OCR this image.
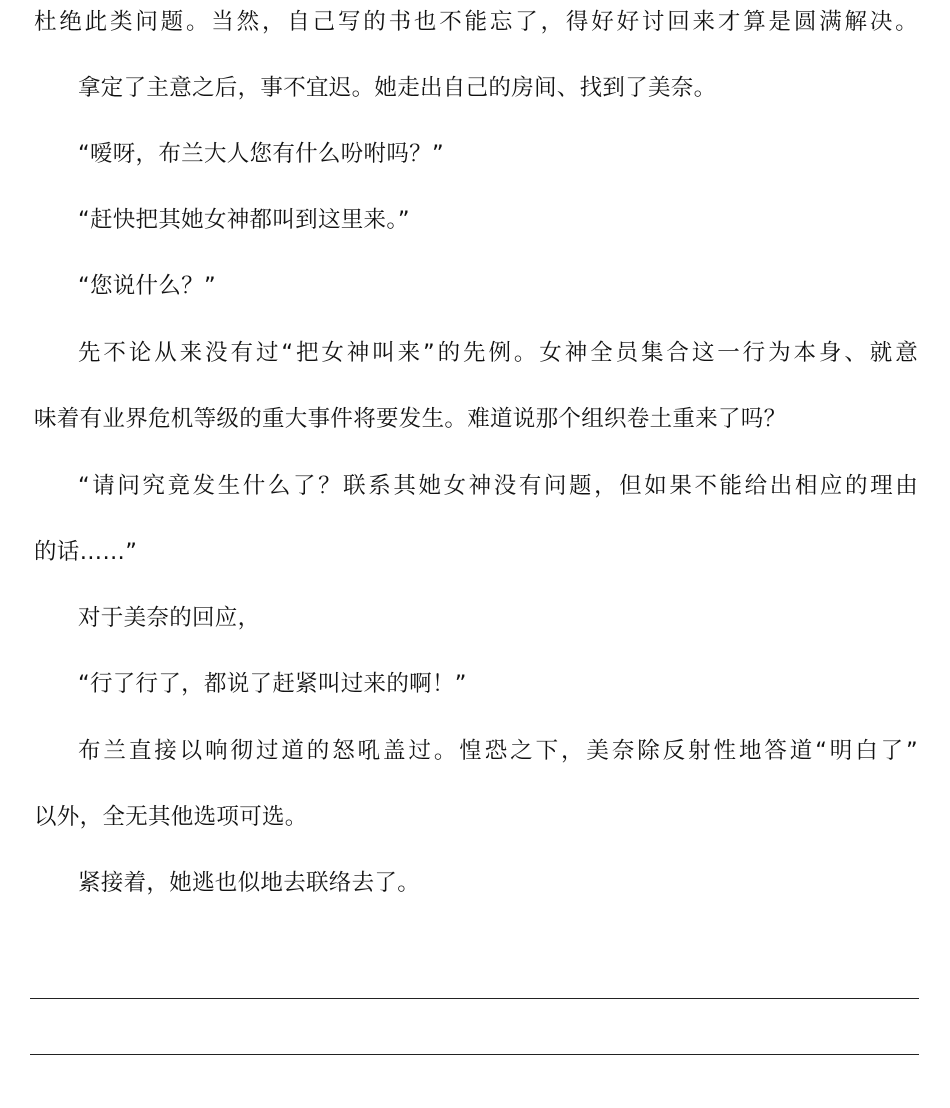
杜绝此类问题。当然，自己写的书也不能忘了，得好好讨回来才算是圆满解决。
拿定了主意之后，事不宜迟。她走出自己的房间、找到了美奈。
“嗳呀，布兰大人您有什么吩咐吗？”
“赶快把其她女神都叫到这里来。”
“您说什么？”
先不论从来没有过“把女神叫来”的先例。女神全员集合这一行为本身、就意
味着有业界危机等级的重大事件将要发生。难道说那个组织卷土重来了吗？
“请问究竟发生什么了？联系其她女神没有问题，但如果不能给出相应的理由
的话……”
对于美奈的回应，
“行了行了，都说了赶紧叫过来的啊！”
布兰直接以响彻过道的怒吼盖过。惶恐之下，美奈除反射性地答道“明白了”
以外，全无其他选项可选。
紧接着，她逃也似地去联络去了。
